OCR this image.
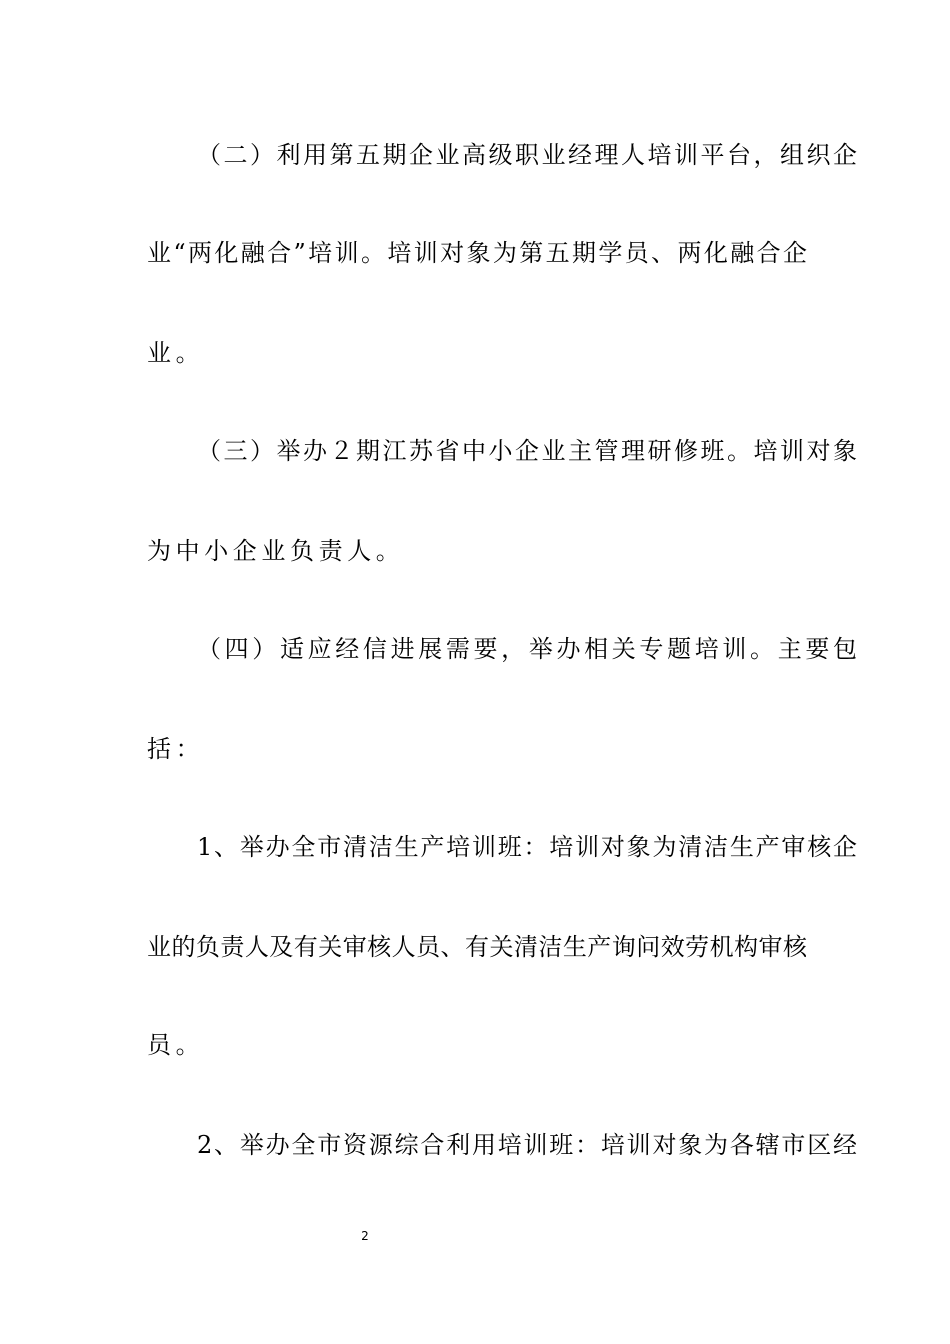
（二）利用第五期企业高级职业经理人培训平台，组织企
业“两化融合”培训。培训对象为第五期学员、两化融合企
业。
（三）举办２期江苏省中小企业主管理研修班。培训对象
为中小企业负责人。
（四）适应经信进展需要，举办相关专题培训。主要包
括：
1、举办全市清洁生产培训班：培训对象为清洁生产审核企
业的负责人及有关审核人员、有关清洁生产询问效劳机构审核
员。
2、举办全市资源综合利用培训班：培训对象为各辖市区经
2
